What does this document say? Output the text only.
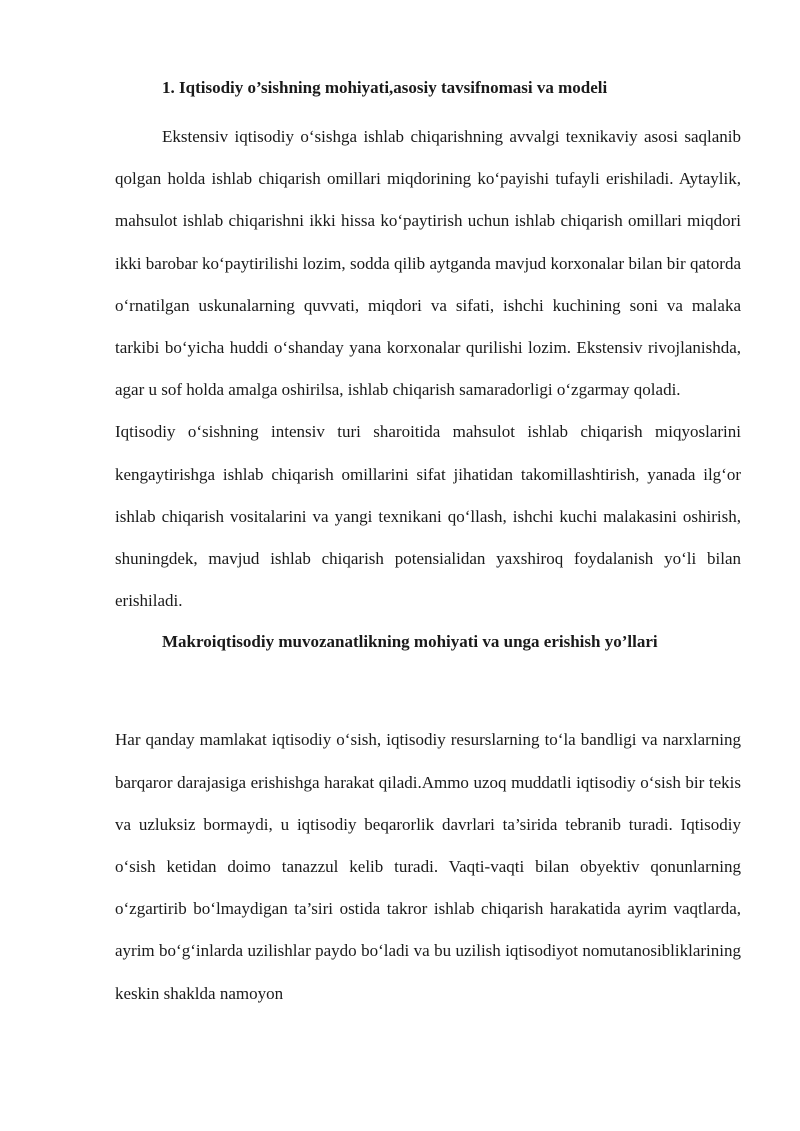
1. Iqtisodiy o’sishning mohiyati,asosiy tavsifnomasi va modeli

Ekstensiv iqtisodiy o‘sishga ishlab chiqarishning avvalgi texnikaviy asosi saqlanib qolgan holda ishlab chiqarish omillari miqdorining ko‘payishi tufayli erishiladi. Aytaylik, mahsulot ishlab chiqarishni ikki hissa ko‘paytirish uchun ishlab chiqarish omillari miqdori ikki barobar ko‘paytirilishi lozim, sodda qilib aytganda mavjud korxonalar bilan bir qatorda o‘rnatilgan uskunalarning quvvati, miqdori va sifati, ishchi kuchining soni va malaka tarkibi bo‘yicha huddi o‘shanday yana korxonalar qurilishi lozim. Ekstensiv rivojlanishda, agar u sof holda amalga oshirilsa, ishlab chiqarish samaradorligi o‘zgarmay qoladi.

Iqtisodiy o‘sishning intensiv turi sharoitida mahsulot ishlab chiqarish miqyoslarini kengaytirishga ishlab chiqarish omillarini sifat jihatidan takomillashtirish, yanada ilg‘or ishlab chiqarish vositalarini va yangi texnikani qo‘llash, ishchi kuchi malakasini oshirish, shuningdek, mavjud ishlab chiqarish potensialidan yaxshiroq foydalanish yo‘li bilan erishiladi.

Makroiqtisodiy muvozanatlikning mohiyati va unga erishish yo’llari

Har qanday mamlakat iqtisodiy o‘sish, iqtisodiy resurslarning to‘la bandligi va narxlarning barqaror darajasiga erishishga harakat qiladi.Ammo uzoq muddatli iqtisodiy o‘sish bir tekis va uzluksiz bormaydi, u iqtisodiy beqarorlik davrlari ta’sirida tebranib turadi. Iqtisodiy o‘sish ketidan doimo tanazzul kelib turadi. Vaqti-vaqti bilan obyektiv qonunlarning o‘zgartirib bo‘lmaydigan ta’siri ostida takror ishlab chiqarish harakatida ayrim vaqtlarda, ayrim bo‘g‘inlarda uzilishlar paydo bo‘ladi va bu uzilish iqtisodiyot nomutanosibliklarining keskin shaklda namoyon
